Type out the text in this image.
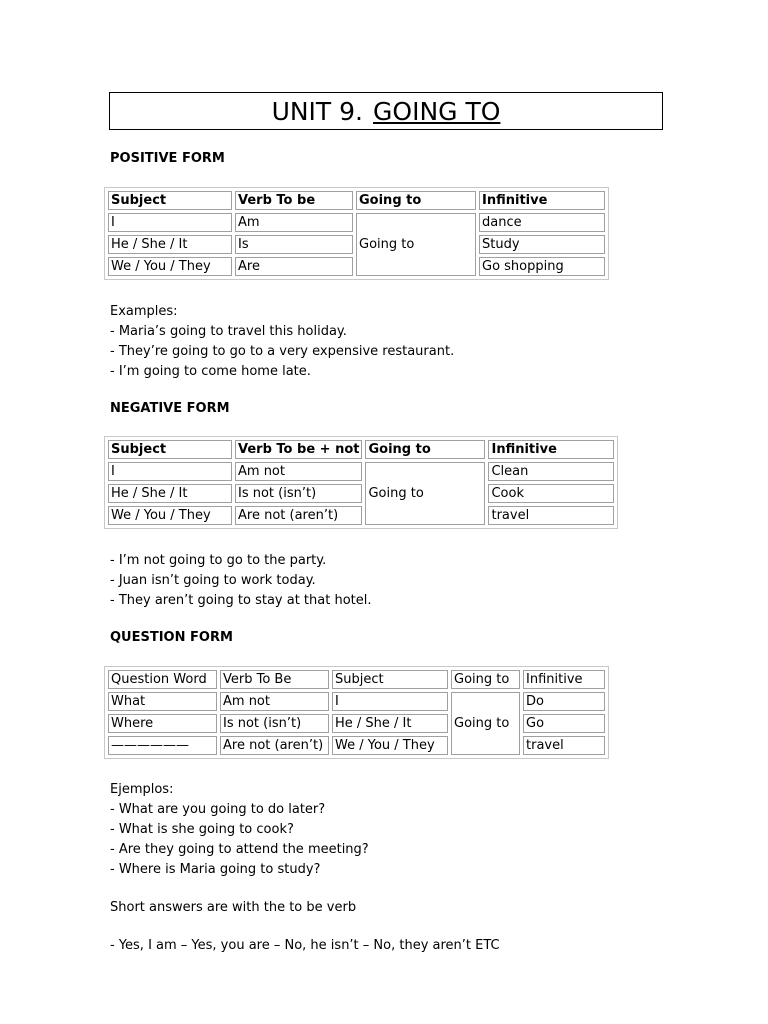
UNIT 9. GOING TO
POSITIVE FORM
Subject	Verb To be	Going to	Infinitive
I	Am	Going to	dance
He / She / It	Is		Study
We / You / They	Are		Go shopping
Examples:
- Maria’s going to travel this holiday.
- They’re going to go to a very expensive restaurant.
- I’m going to come home late.
NEGATIVE FORM
Subject	Verb To be + not	Going to	Infinitive
I	Am not	Going to	Clean
He / She / It	Is not (isn’t)		Cook
We / You / They	Are not (aren’t)		travel
- I’m not going to go to the party.
- Juan isn’t going to work today.
- They aren’t going to stay at that hotel.
QUESTION FORM
Question Word	Verb To Be	Subject	Going to	Infinitive
What	Am not	I	Going to	Do
Where	Is not (isn’t)	He / She / It		Go
——————	Are not (aren’t)	We / You / They		travel
Ejemplos:
- What are you going to do later?
- What is she going to cook?
- Are they going to attend the meeting?
- Where is Maria going to study?
Short answers are with the to be verb
- Yes, I am – Yes, you are – No, he isn’t – No, they aren’t ETC
